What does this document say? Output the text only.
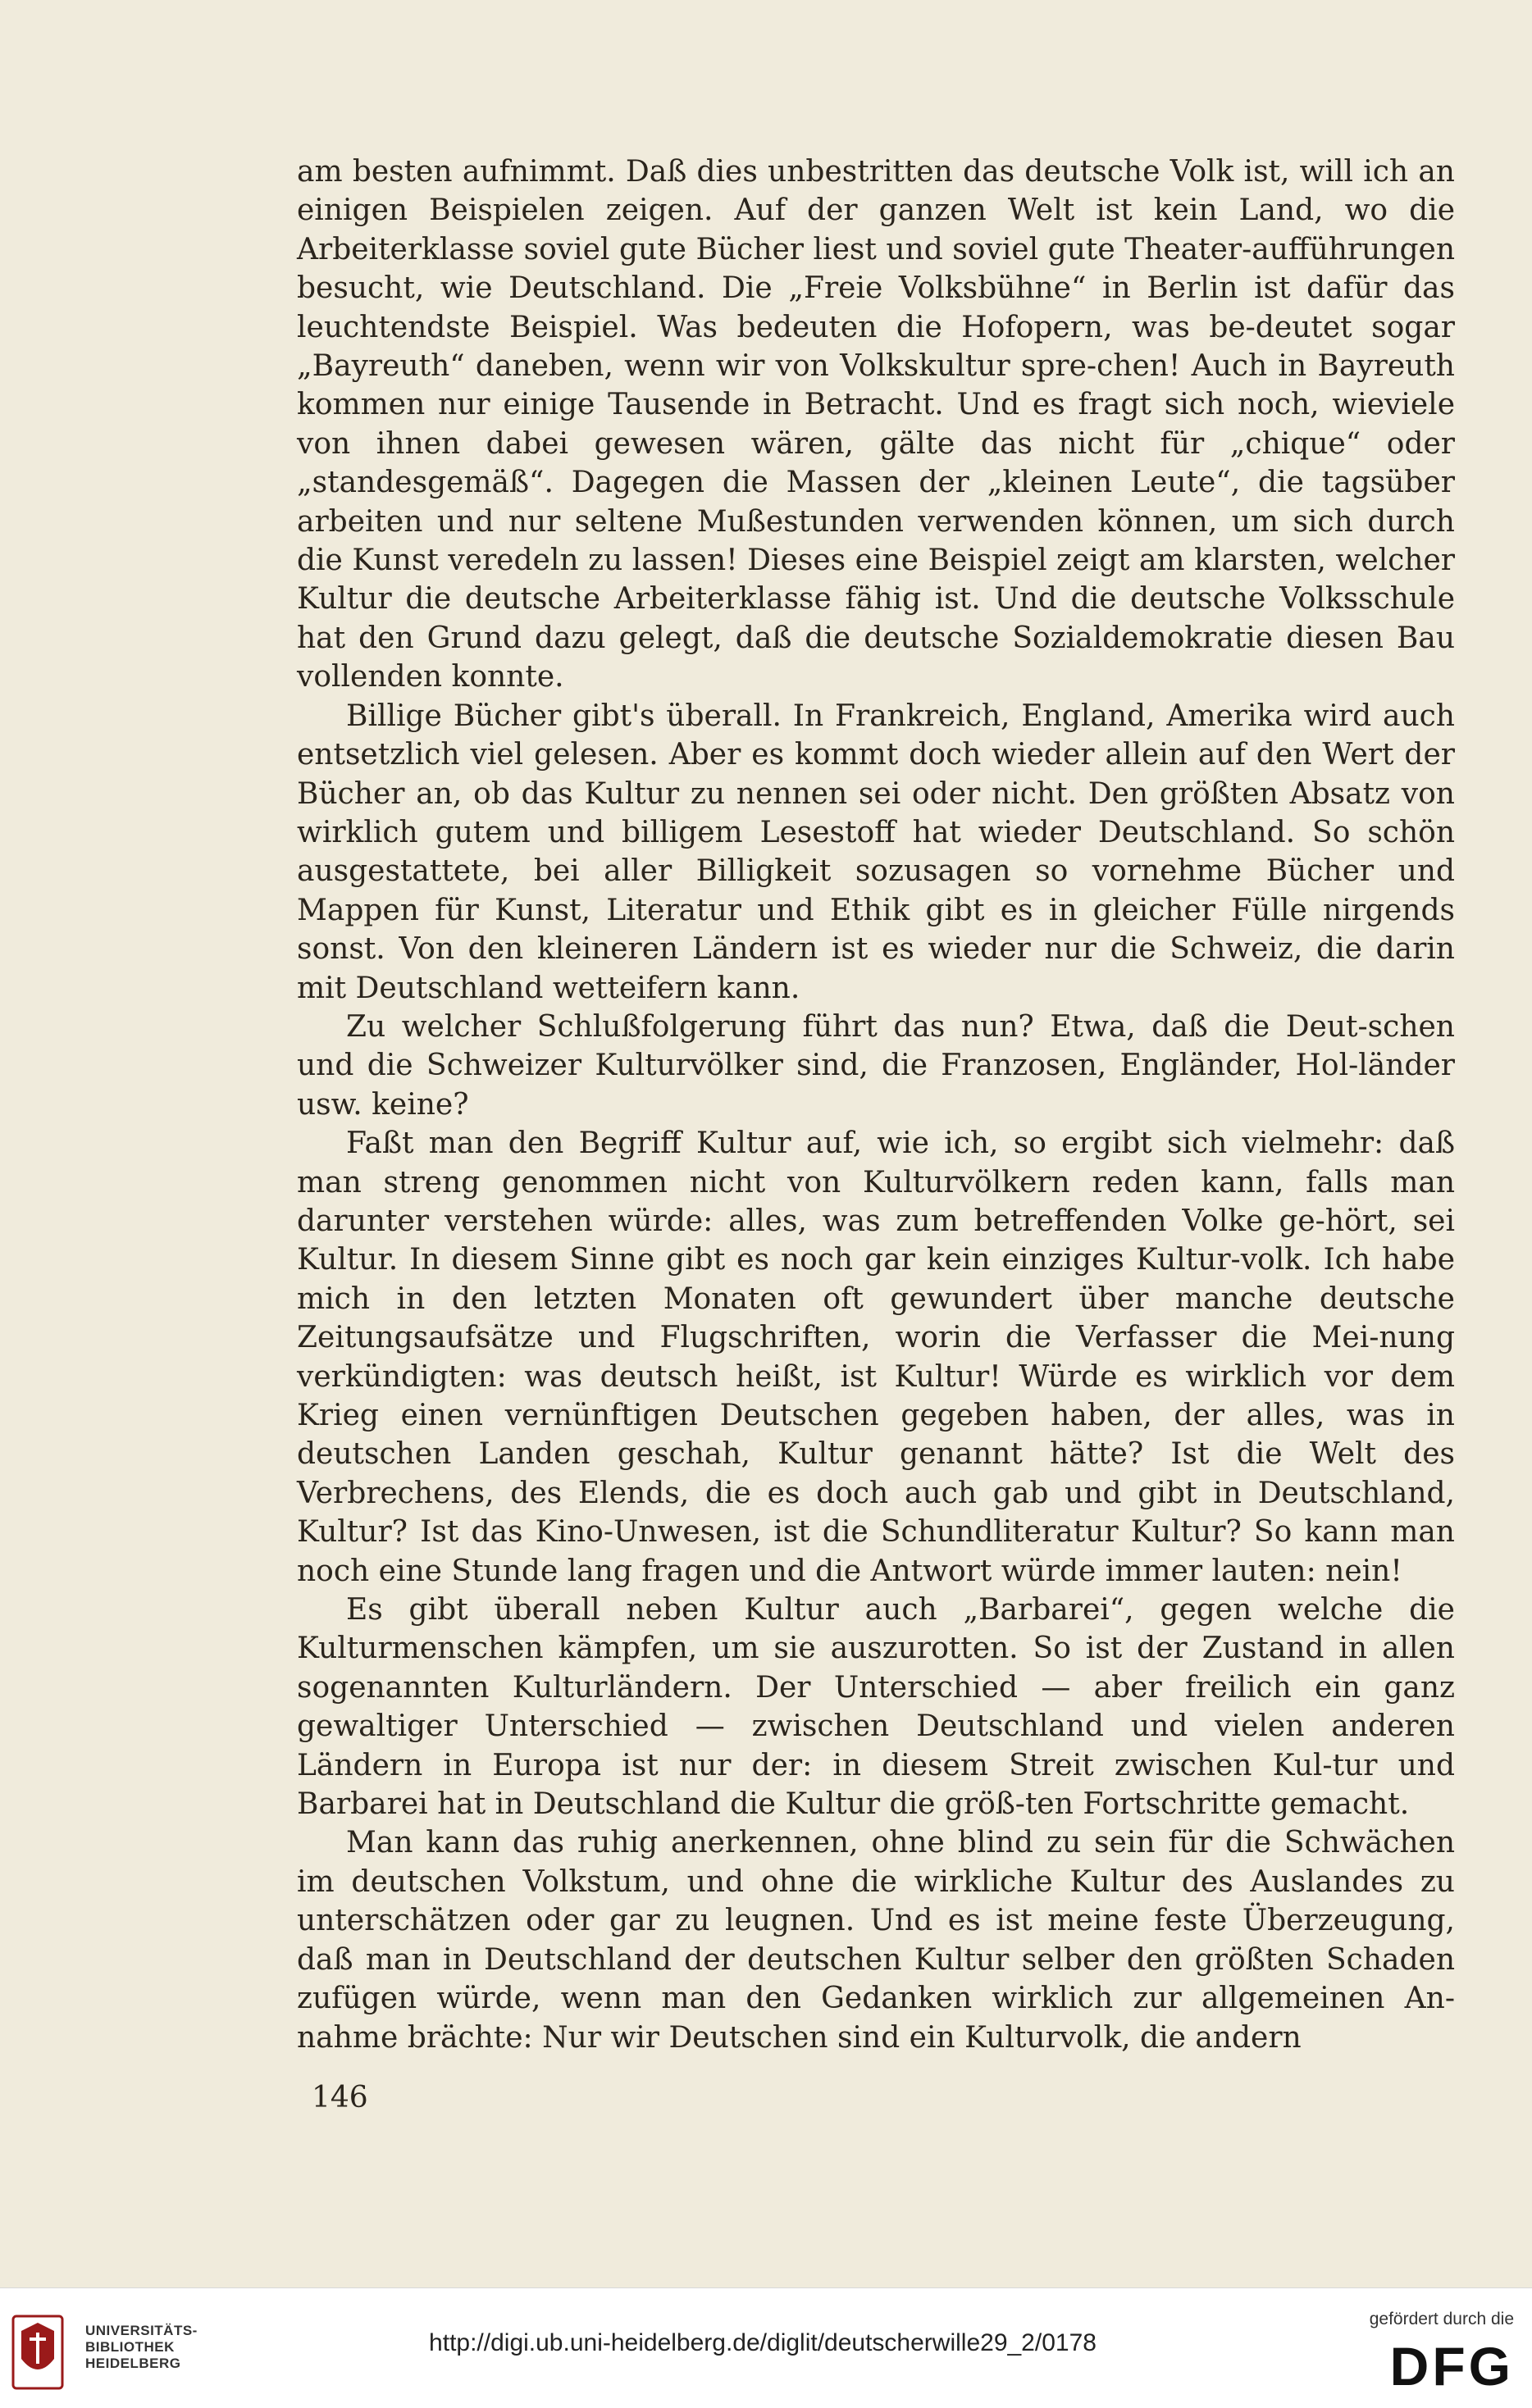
am besten aufnimmt. Daß dies unbestritten das deutsche Volk ist, will ich an einigen Beispielen zeigen. Auf der ganzen Welt ist kein Land, wo die Arbeiterklasse soviel gute Bücher liest und soviel gute Theater-aufführungen besucht, wie Deutschland. Die „Freie Volksbühne“ in Berlin ist dafür das leuchtendste Beispiel. Was bedeuten die Hofopern, was be-deutet sogar „Bayreuth“ daneben, wenn wir von Volkskultur spre-chen! Auch in Bayreuth kommen nur einige Tausende in Betracht. Und es fragt sich noch, wieviele von ihnen dabei gewesen wären, gälte das nicht für „chique“ oder „standesgemäß“. Dagegen die Massen der „kleinen Leute“, die tagsüber arbeiten und nur seltene Mußestunden verwenden können, um sich durch die Kunst veredeln zu lassen! Dieses eine Beispiel zeigt am klarsten, welcher Kultur die deutsche Arbeiterklasse fähig ist. Und die deutsche Volksschule hat den Grund dazu gelegt, daß die deutsche Sozialdemokratie diesen Bau vollenden konnte.

Billige Bücher gibt's überall. In Frankreich, England, Amerika wird auch entsetzlich viel gelesen. Aber es kommt doch wieder allein auf den Wert der Bücher an, ob das Kultur zu nennen sei oder nicht. Den größten Absatz von wirklich gutem und billigem Lesestoff hat wieder Deutschland. So schön ausgestattete, bei aller Billigkeit sozusagen so vornehme Bücher und Mappen für Kunst, Literatur und Ethik gibt es in gleicher Fülle nirgends sonst. Von den kleineren Ländern ist es wieder nur die Schweiz, die darin mit Deutschland wetteifern kann.

Zu welcher Schlußfolgerung führt das nun? Etwa, daß die Deut-schen und die Schweizer Kulturvölker sind, die Franzosen, Engländer, Hol-länder usw. keine?

Faßt man den Begriff Kultur auf, wie ich, so ergibt sich vielmehr: daß man streng genommen nicht von Kulturvölkern reden kann, falls man darunter verstehen würde: alles, was zum betreffenden Volke ge-hört, sei Kultur. In diesem Sinne gibt es noch gar kein einziges Kultur-volk. Ich habe mich in den letzten Monaten oft gewundert über manche deutsche Zeitungsaufsätze und Flugschriften, worin die Verfasser die Mei-nung verkündigten: was deutsch heißt, ist Kultur! Würde es wirklich vor dem Krieg einen vernünftigen Deutschen gegeben haben, der alles, was in deutschen Landen geschah, Kultur genannt hätte? Ist die Welt des Verbrechens, des Elends, die es doch auch gab und gibt in Deutschland, Kultur? Ist das Kino-Unwesen, ist die Schundliteratur Kultur? So kann man noch eine Stunde lang fragen und die Antwort würde immer lauten: nein!

Es gibt überall neben Kultur auch „Barbarei“, gegen welche die Kulturmenschen kämpfen, um sie auszurotten. So ist der Zustand in allen sogenannten Kulturländern. Der Unterschied — aber freilich ein ganz gewaltiger Unterschied — zwischen Deutschland und vielen anderen Ländern in Europa ist nur der: in diesem Streit zwischen Kul-tur und Barbarei hat in Deutschland die Kultur die größ-ten Fortschritte gemacht.

Man kann das ruhig anerkennen, ohne blind zu sein für die Schwächen im deutschen Volkstum, und ohne die wirkliche Kultur des Auslandes zu unterschätzen oder gar zu leugnen. Und es ist meine feste Überzeugung, daß man in Deutschland der deutschen Kultur selber den größten Schaden zufügen würde, wenn man den Gedanken wirklich zur allgemeinen An-nahme brächte: Nur wir Deutschen sind ein Kulturvolk, die andern

146
UNIVERSITÄTS-
BIBLIOTHEK
HEIDELBERG
http://digi.ub.uni-heidelberg.de/diglit/deutscherwille29_2/0178
gefördert durch die
DFG
